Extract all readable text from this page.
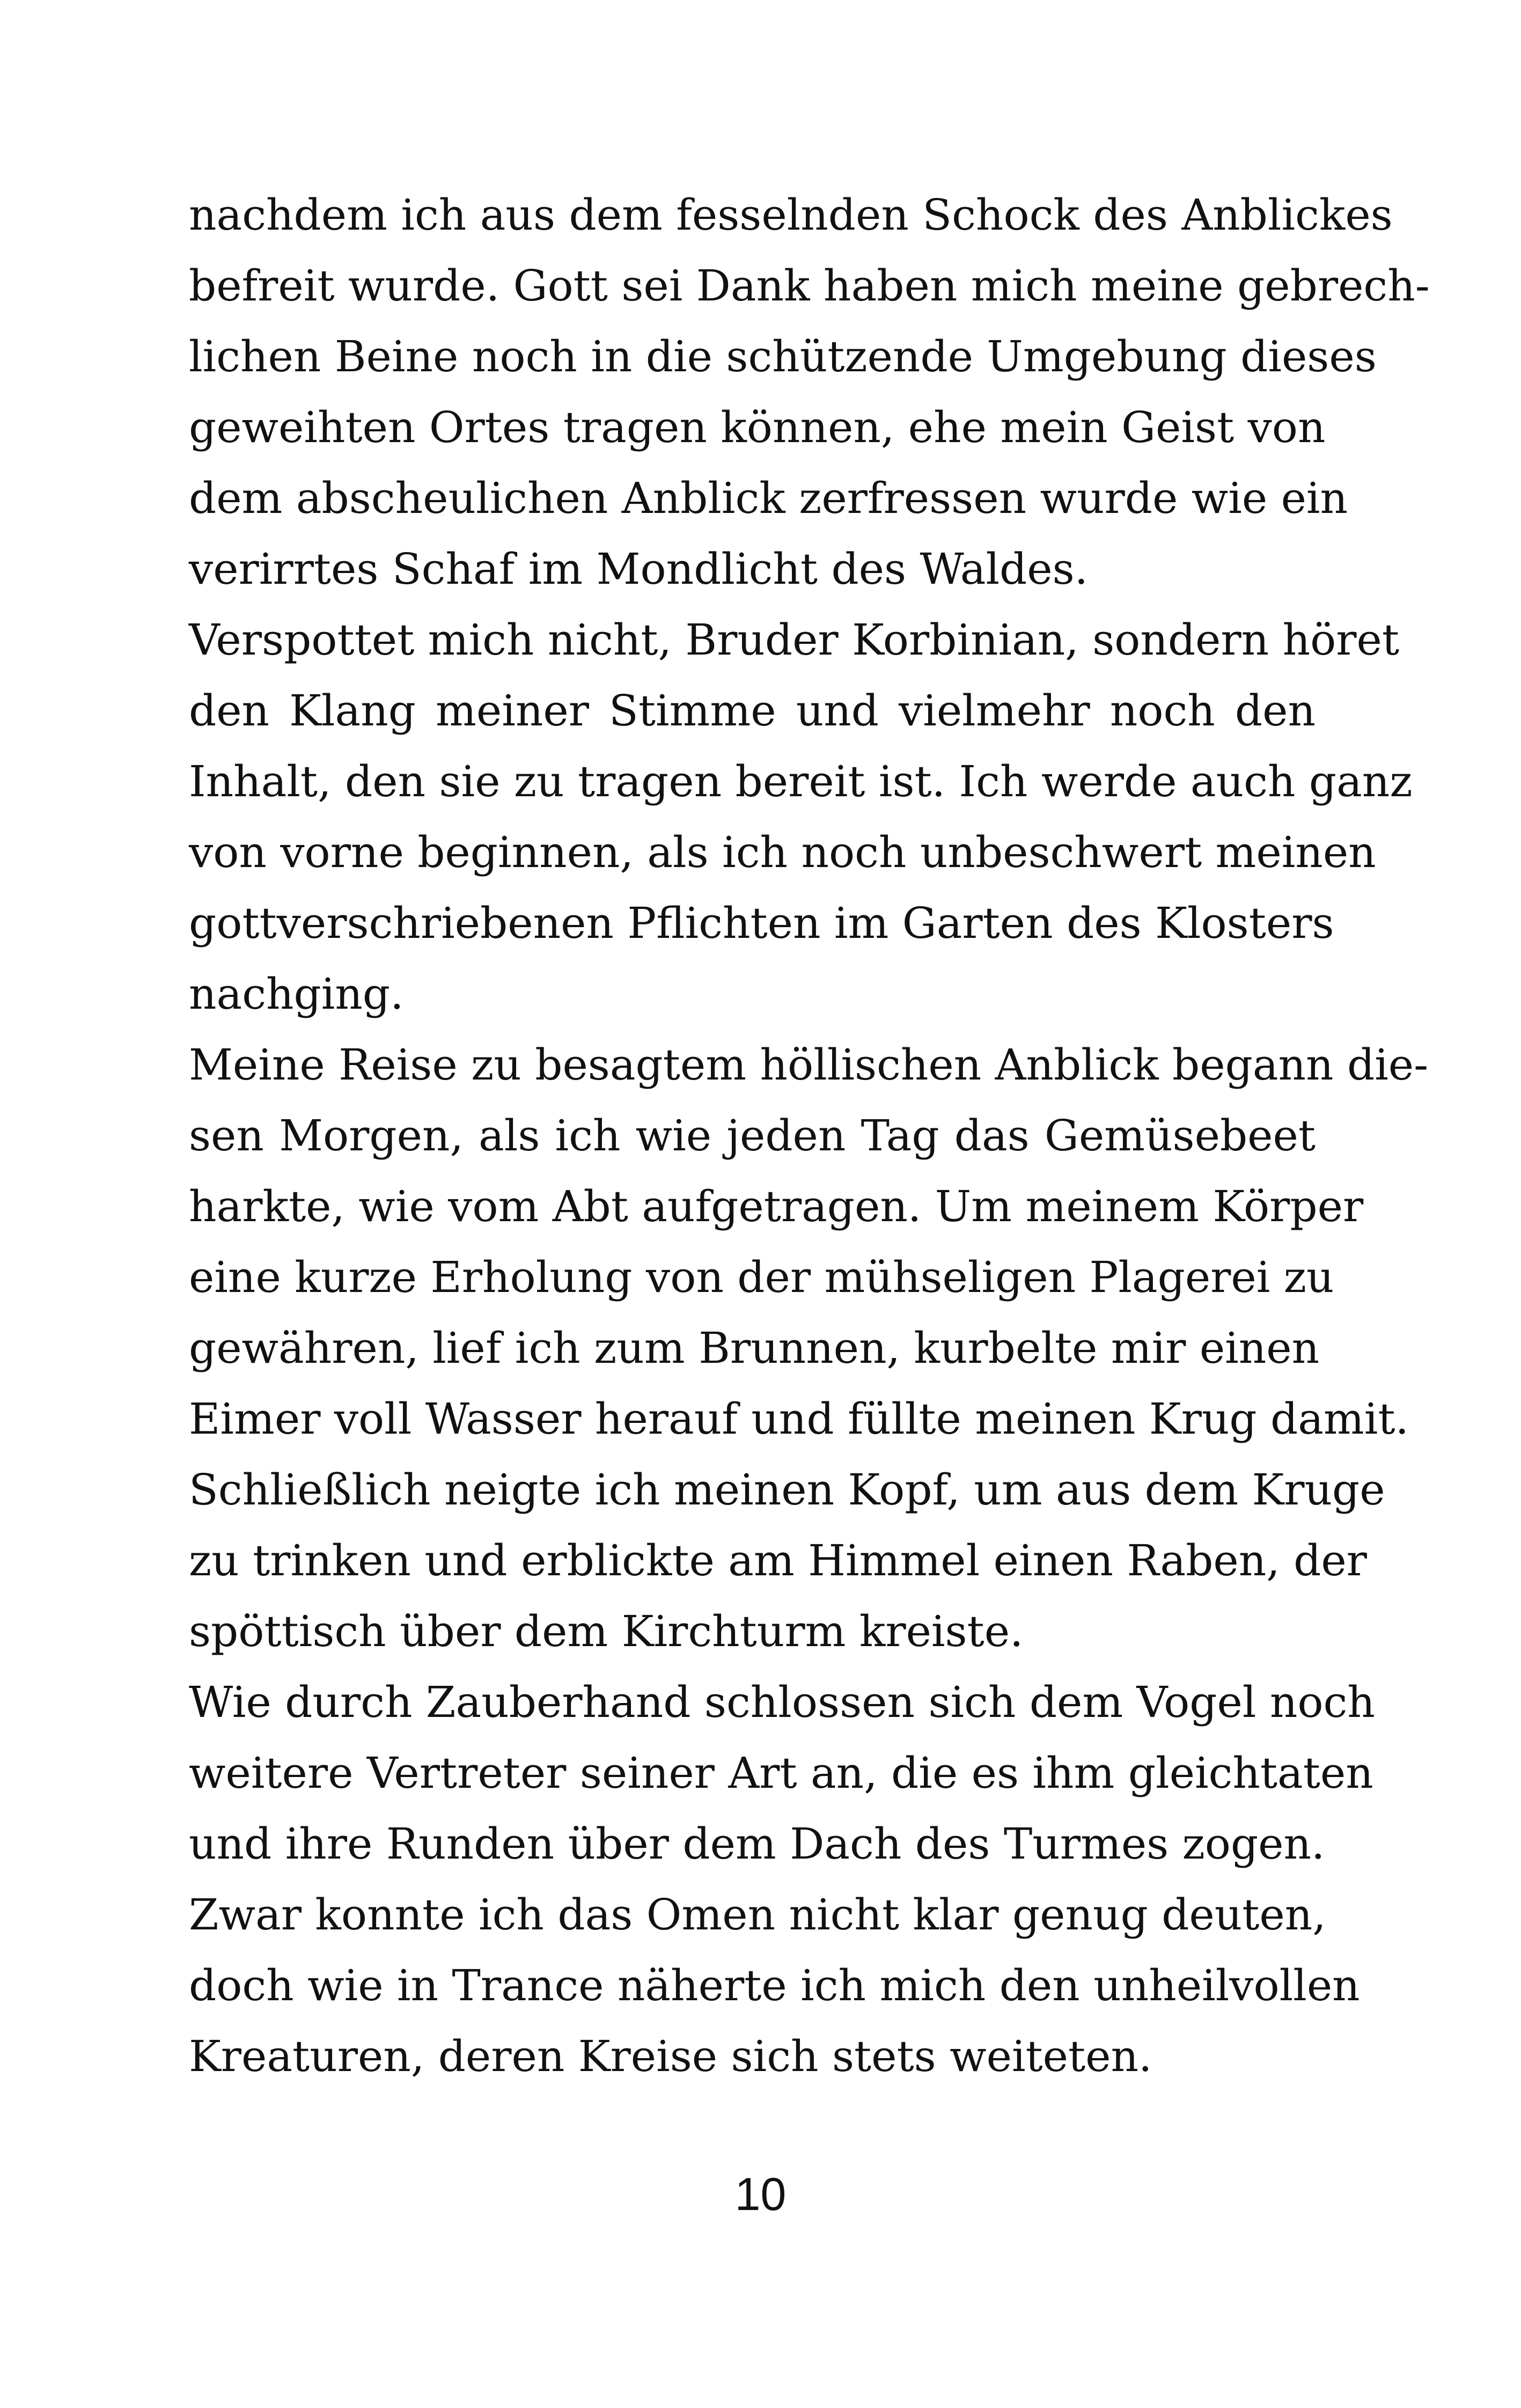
nachdem ich aus dem fesselnden Schock des Anblickes
befreit wurde. Gott sei Dank haben mich meine gebrech-
lichen Beine noch in die schützende Umgebung dieses
geweihten Ortes tragen können, ehe mein Geist von
dem abscheulichen Anblick zerfressen wurde wie ein
verirrtes Schaf im Mondlicht des Waldes.
Verspottet mich nicht, Bruder Korbinian, sondern höret
den Klang meiner Stimme und vielmehr noch den
Inhalt, den sie zu tragen bereit ist. Ich werde auch ganz
von vorne beginnen, als ich noch unbeschwert meinen
gottverschriebenen Pflichten im Garten des Klosters
nachging.
Meine Reise zu besagtem höllischen Anblick begann die-
sen Morgen, als ich wie jeden Tag das Gemüsebeet
harkte, wie vom Abt aufgetragen. Um meinem Körper
eine kurze Erholung von der mühseligen Plagerei zu
gewähren, lief ich zum Brunnen, kurbelte mir einen
Eimer voll Wasser herauf und füllte meinen Krug damit.
Schließlich neigte ich meinen Kopf, um aus dem Kruge
zu trinken und erblickte am Himmel einen Raben, der
spöttisch über dem Kirchturm kreiste.
Wie durch Zauberhand schlossen sich dem Vogel noch
weitere Vertreter seiner Art an, die es ihm gleichtaten
und ihre Runden über dem Dach des Turmes zogen.
Zwar konnte ich das Omen nicht klar genug deuten,
doch wie in Trance näherte ich mich den unheilvollen
Kreaturen, deren Kreise sich stets weiteten.
10
